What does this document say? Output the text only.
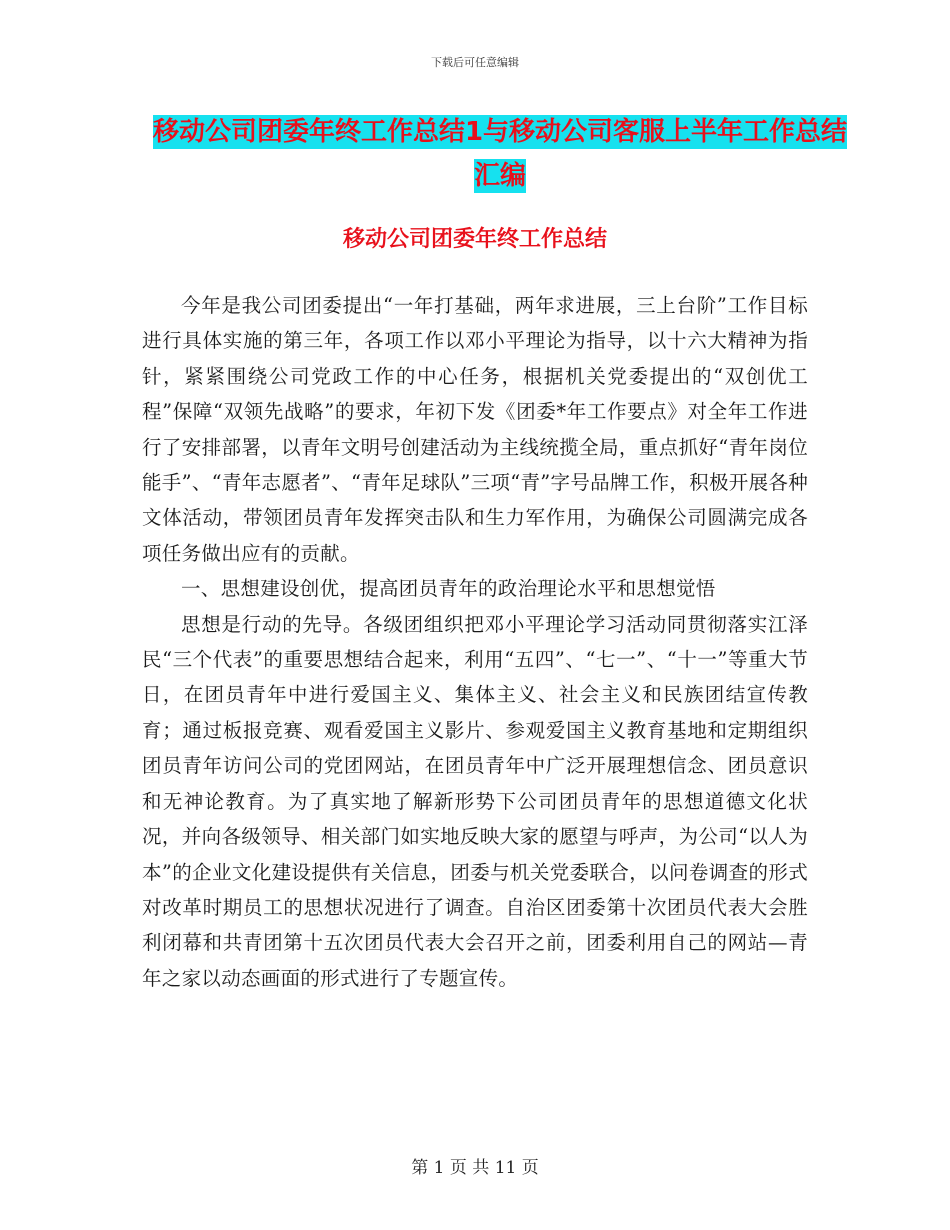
下载后可任意编辑
移动公司团委年终工作总结1与移动公司客服上半年工作总结汇编
移动公司团委年终工作总结

今年是我公司团委提出“一年打基础，两年求进展，三上台阶”工作目标进行具体实施的第三年，各项工作以邓小平理论为指导，以十六大精神为指针，紧紧围绕公司党政工作的中心任务，根据机关党委提出的“双创优工程”保障“双领先战略”的要求，年初下发《团委*年工作要点》对全年工作进行了安排部署，以青年文明号创建活动为主线统揽全局，重点抓好“青年岗位能手”、“青年志愿者”、“青年足球队”三项“青”字号品牌工作，积极开展各种文体活动，带领团员青年发挥突击队和生力军作用，为确保公司圆满完成各项任务做出应有的贡献。

一、思想建设创优，提高团员青年的政治理论水平和思想觉悟

思想是行动的先导。各级团组织把邓小平理论学习活动同贯彻落实江泽民“三个代表”的重要思想结合起来，利用“五四”、“七一”、“十一”等重大节日，在团员青年中进行爱国主义、集体主义、社会主义和民族团结宣传教育；通过板报竞赛、观看爱国主义影片、参观爱国主义教育基地和定期组织团员青年访问公司的党团网站，在团员青年中广泛开展理想信念、团员意识和无神论教育。为了真实地了解新形势下公司团员青年的思想道德文化状况，并向各级领导、相关部门如实地反映大家的愿望与呼声，为公司“以人为本”的企业文化建设提供有关信息，团委与机关党委联合，以问卷调查的形式对改革时期员工的思想状况进行了调查。自治区团委第十次团员代表大会胜利闭幕和共青团第十五次团员代表大会召开之前，团委利用自己的网站—青年之家以动态画面的形式进行了专题宣传。

第 1 页 共 11 页
